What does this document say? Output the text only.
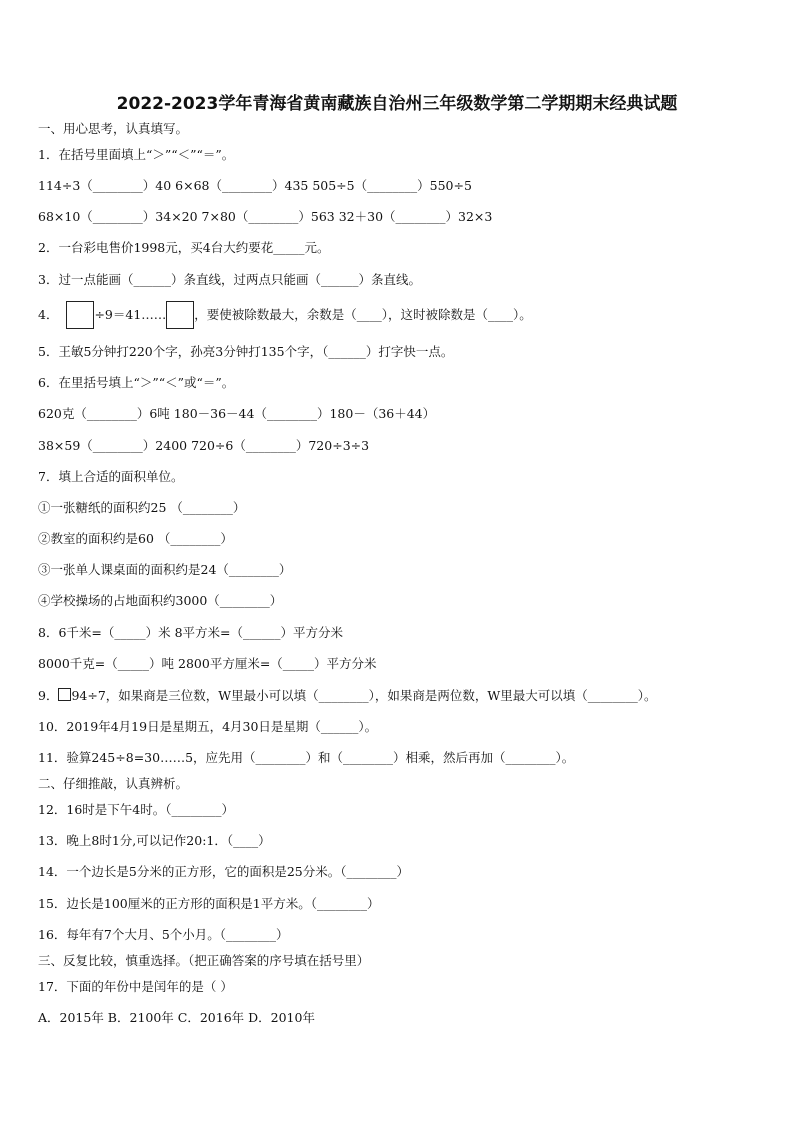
2022-2023学年青海省黄南藏族自治州三年级数学第二学期期末经典试题
一、用心思考，认真填写。
1．在括号里面填上“＞”“＜”“＝”。
114÷3（________）40 6×68（________）435 505÷5（________）550÷5
68×10（________）34×20 7×80（________）563 32＋30（________）32×3
2．一台彩电售价1998元，买4台大约要花_____元。
3．过一点能画（______）条直线，过两点只能画（______）条直线。
4．	÷9＝41…… ，要使被除数最大，余数是（____），这时被除数是（____）。
5．王敏5分钟打220个字，孙亮3分钟打135个字，（______）打字快一点。
6．在里括号填上“＞”“＜”或“＝”。
620克（________）6吨 180－36－44（________）180－（36＋44）
38×59（________）2400 720÷6（________）720÷3÷3
7．填上合适的面积单位。
①一张糖纸的面积约25 （________）
②教室的面积约是60 （________）
③一张单人课桌面的面积约是24（________）
④学校操场的占地面积约3000（________）
8．6千米=（_____）米 8平方米=（______）平方分米
8000千克=（_____）吨 2800平方厘米=（_____）平方分米
9． 94÷7，如果商是三位数，W里最小可以填（________），如果商是两位数，W里最大可以填（________）。
10．2019年4月19日是星期五，4月30日是星期（______）。
11．验算245÷8=30……5，应先用（________）和（________）相乘，然后再加（________）。
二、仔细推敲，认真辨析。
12．16时是下午4时。（________）
13．晚上8时1分,可以记作20:1．（____）
14．一个边长是5分米的正方形，它的面积是25分米。（________）
15．边长是100厘米的正方形的面积是1平方米。（________）
16．每年有7个大月、5个小月。（________）
三、反复比较，慎重选择。（把正确答案的序号填在括号里）
17．下面的年份中是闰年的是（ ）
A．2015年 B．2100年 C．2016年 D．2010年
